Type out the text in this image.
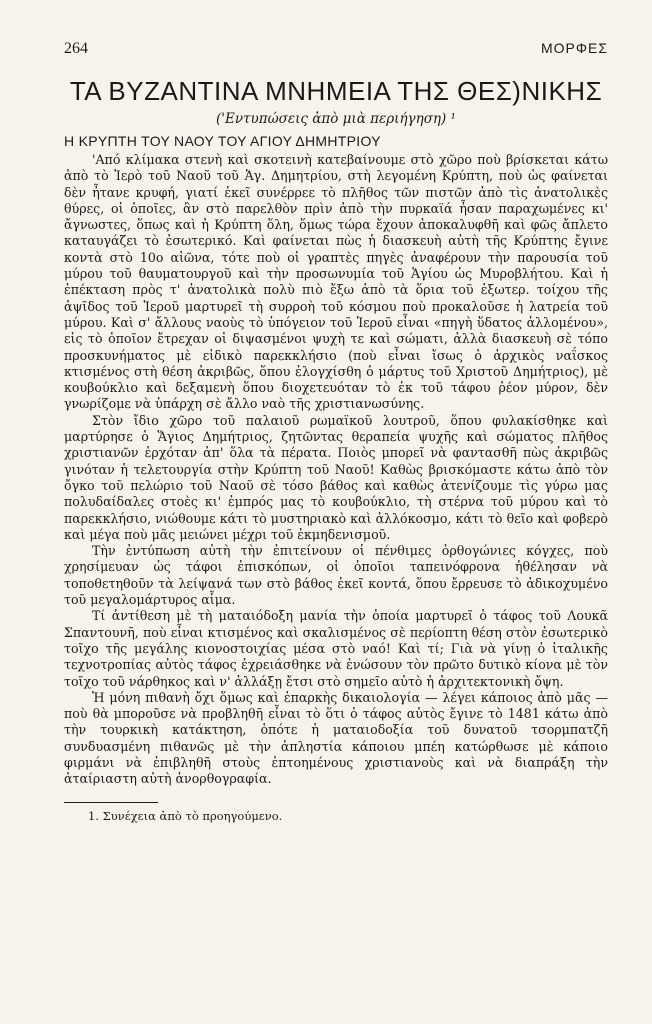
264	ΜΟΡΦΕΣ
ΤΑ ΒΥΖΑΝΤΙΝΑ ΜΝΗΜΕΙΑ ΤΗΣ ΘΕΣ)ΝΙΚΗΣ
('Εντυπώσεις ἀπὸ μιὰ περιήγηση) ¹
Η ΚΡΥΠΤΗ ΤΟΥ ΝΑΟΥ ΤΟΥ ΑΓΙΟΥ ΔΗΜΗΤΡΙΟΥ

'Από κλίμακα στενὴ καὶ σκοτεινὴ κατεβαίνουμε στὸ χῶρο ποὺ βρίσκεται κάτω ἀπὸ τὸ Ἱερὸ τοῦ Ναοῦ τοῦ Ἁγ. Δημητρίου, στὴ λεγομένη Κρύπτη, ποὺ ὡς φαίνεται δὲν ἦτανε κρυφή, γιατί ἐκεῖ συνέρρεε τὸ πλῆθος τῶν πιστῶν ἀπὸ τὶς ἀνατολικὲς θύρες, οἱ ὁποῖες, ἂν στὸ παρελθὸν πρὶν ἀπὸ τὴν πυρκαϊά ἦσαν παραχωμένες κι' ἄγνωστες, ὅπως καὶ ἡ Κρύπτη ὅλη, ὅμως τώρα ἔχουν ἀποκαλυφθῆ καὶ φῶς ἄπλετο καταυγάζει τὸ ἐσωτερικό. Καὶ φαίνεται πὼς ἡ διασκευὴ αὐτὴ τῆς Κρύπτης ἔγινε κοντὰ στὸ 10ο αἰῶνα, τότε ποὺ οἱ γραπτὲς πηγὲς ἀναφέρουν τὴν παρουσία τοῦ μύρου τοῦ θαυματουργοῦ καὶ τὴν προσωνυμία τοῦ Ἁγίου ὡς Μυροβλήτου. Καὶ ἡ ἐπέκταση πρὸς τ' ἀνατολικὰ πολὺ πιὸ ἔξω ἀπὸ τὰ ὅρια τοῦ ἐξωτερ. τοίχου τῆς ἀψῖδος τοῦ Ἱεροῦ μαρτυρεῖ τὴ συρροὴ τοῦ κόσμου ποὺ προκαλοῦσε ἡ λατρεία τοῦ μύρου. Καὶ σ' ἄλλους ναοὺς τὸ ὑπόγειον τοῦ Ἱεροῦ εἶναι «πηγὴ ὕδατος ἁλλομένου», εἰς τὸ ὁποῖον ἔτρεχαν οἱ διψασμένοι ψυχὴ τε καὶ σώματι, ἀλλὰ διασκευὴ σὲ τόπο προσκυνήματος μὲ εἰδικὸ παρεκκλήσιο (ποὺ εἶναι ἴσως ὁ ἀρχικὸς ναΐσκος κτισμένος στὴ θέση ἀκριβῶς, ὅπου ἐλογχίσθη ὁ μάρτυς τοῦ Χριστοῦ Δημήτριος), μὲ κουβούκλιο καὶ δεξαμενὴ ὅπου διοχετευόταν τὸ ἐκ τοῦ τάφου ῥέον μύρον, δὲν γνωρίζομε νὰ ὑπάρχη σὲ ἄλλο ναὸ τῆς χριστιανωσύνης.

Στὸν ἴδιο χῶρο τοῦ παλαιοῦ ρωμαϊκοῦ λουτροῦ, ὅπου φυλακίσθηκε καὶ μαρτύρησε ὁ Ἅγιος Δημήτριος, ζητῶντας θεραπεία ψυχῆς καὶ σώματος πλῆθος χριστιανῶν ἐρχόταν ἀπ' ὅλα τὰ πέρατα. Ποιὸς μπορεῖ νὰ φαντασθῆ πὼς ἀκριβῶς γινόταν ἡ τελετουργία στὴν Κρύπτη τοῦ Ναοῦ! Καθὼς βρισκόμαστε κάτω ἀπὸ τὸν ὄγκο τοῦ πελώριο τοῦ Ναοῦ σὲ τόσο βάθος καὶ καθὼς ἀτενίζουμε τὶς γύρω μας πολυδαίδαλες στοὲς κι' ἐμπρός μας τὸ κουβούκλιο, τὴ στέρνα τοῦ μύρου καὶ τὸ παρεκκλήσιο, νιώθουμε κάτι τὸ μυστηριακὸ καὶ ἀλλόκοσμο, κάτι τὸ θεῖο καὶ φοβερὸ καὶ μέγα ποὺ μᾶς μειώνει μέχρι τοῦ ἐκμηδενισμοῦ.

Τὴν ἐντύπωση αὐτὴ τὴν ἐπιτείνουν οἱ πένθιμες ὀρθογώνιες κόγχες, ποὺ χρησίμευαν ὡς τάφοι ἐπισκόπων, οἱ ὁποῖοι ταπεινόφρονα ἠθέλησαν νὰ τοποθετηθοῦν τὰ λείψανά των στὸ βάθος ἐκεῖ κοντά, ὅπου ἔρρευσε τὸ ἀδικοχυμένο τοῦ μεγαλομάρτυρος αἷμα.

Τί ἀντίθεση μὲ τὴ ματαιόδοξη μανία τὴν ὁποία μαρτυρεῖ ὁ τάφος τοῦ Λουκᾶ Σπαντουνῆ, ποὺ εἶναι κτισμένος καὶ σκαλισμένος σὲ περίοπτη θέση στὸν ἐσωτερικὸ τοῖχο τῆς μεγάλης κιονοστοιχίας μέσα στὸ ναό! Καὶ τί; Γιὰ νὰ γίνῃ ὁ ἰταλικῆς τεχνοτροπίας αὐτὸς τάφος ἐχρειάσθηκε νὰ ἑνώσουν τὸν πρῶτο δυτικὸ κίονα μὲ τὸν τοῖχο τοῦ νάρθηκος καὶ ν' ἀλλάξῃ ἔτσι στὸ σημεῖο αὐτὸ ἡ ἀρχιτεκτονικὴ ὄψη.

Ἡ μόνη πιθανὴ ὄχι ὅμως καὶ ἐπαρκὴς δικαιολογία — λέγει κάποιος ἀπὸ μᾶς — ποὺ θὰ μποροῦσε νὰ προβληθῆ εἶναι τὸ ὅτι ὁ τάφος αὐτὸς ἔγινε τὸ 1481 κάτω ἀπὸ τὴν τουρκικὴ κατάκτηση, ὁπότε ἡ ματαιοδοξία τοῦ δυνατοῦ τσορμπατζῆ συνδυασμένη πιθανῶς μὲ τὴν ἀπληστία κάποιου μπέη κατώρθωσε μὲ κάποιο φιρμάνι νὰ ἐπιβληθῆ στοὺς ἐπτοημένους χριστιανοὺς καὶ νὰ διαπράξη τὴν ἀταίριαστη αὐτὴ ἀνορθογραφία.

1. Συνέχεια ἀπὸ τὸ προηγούμενο.
